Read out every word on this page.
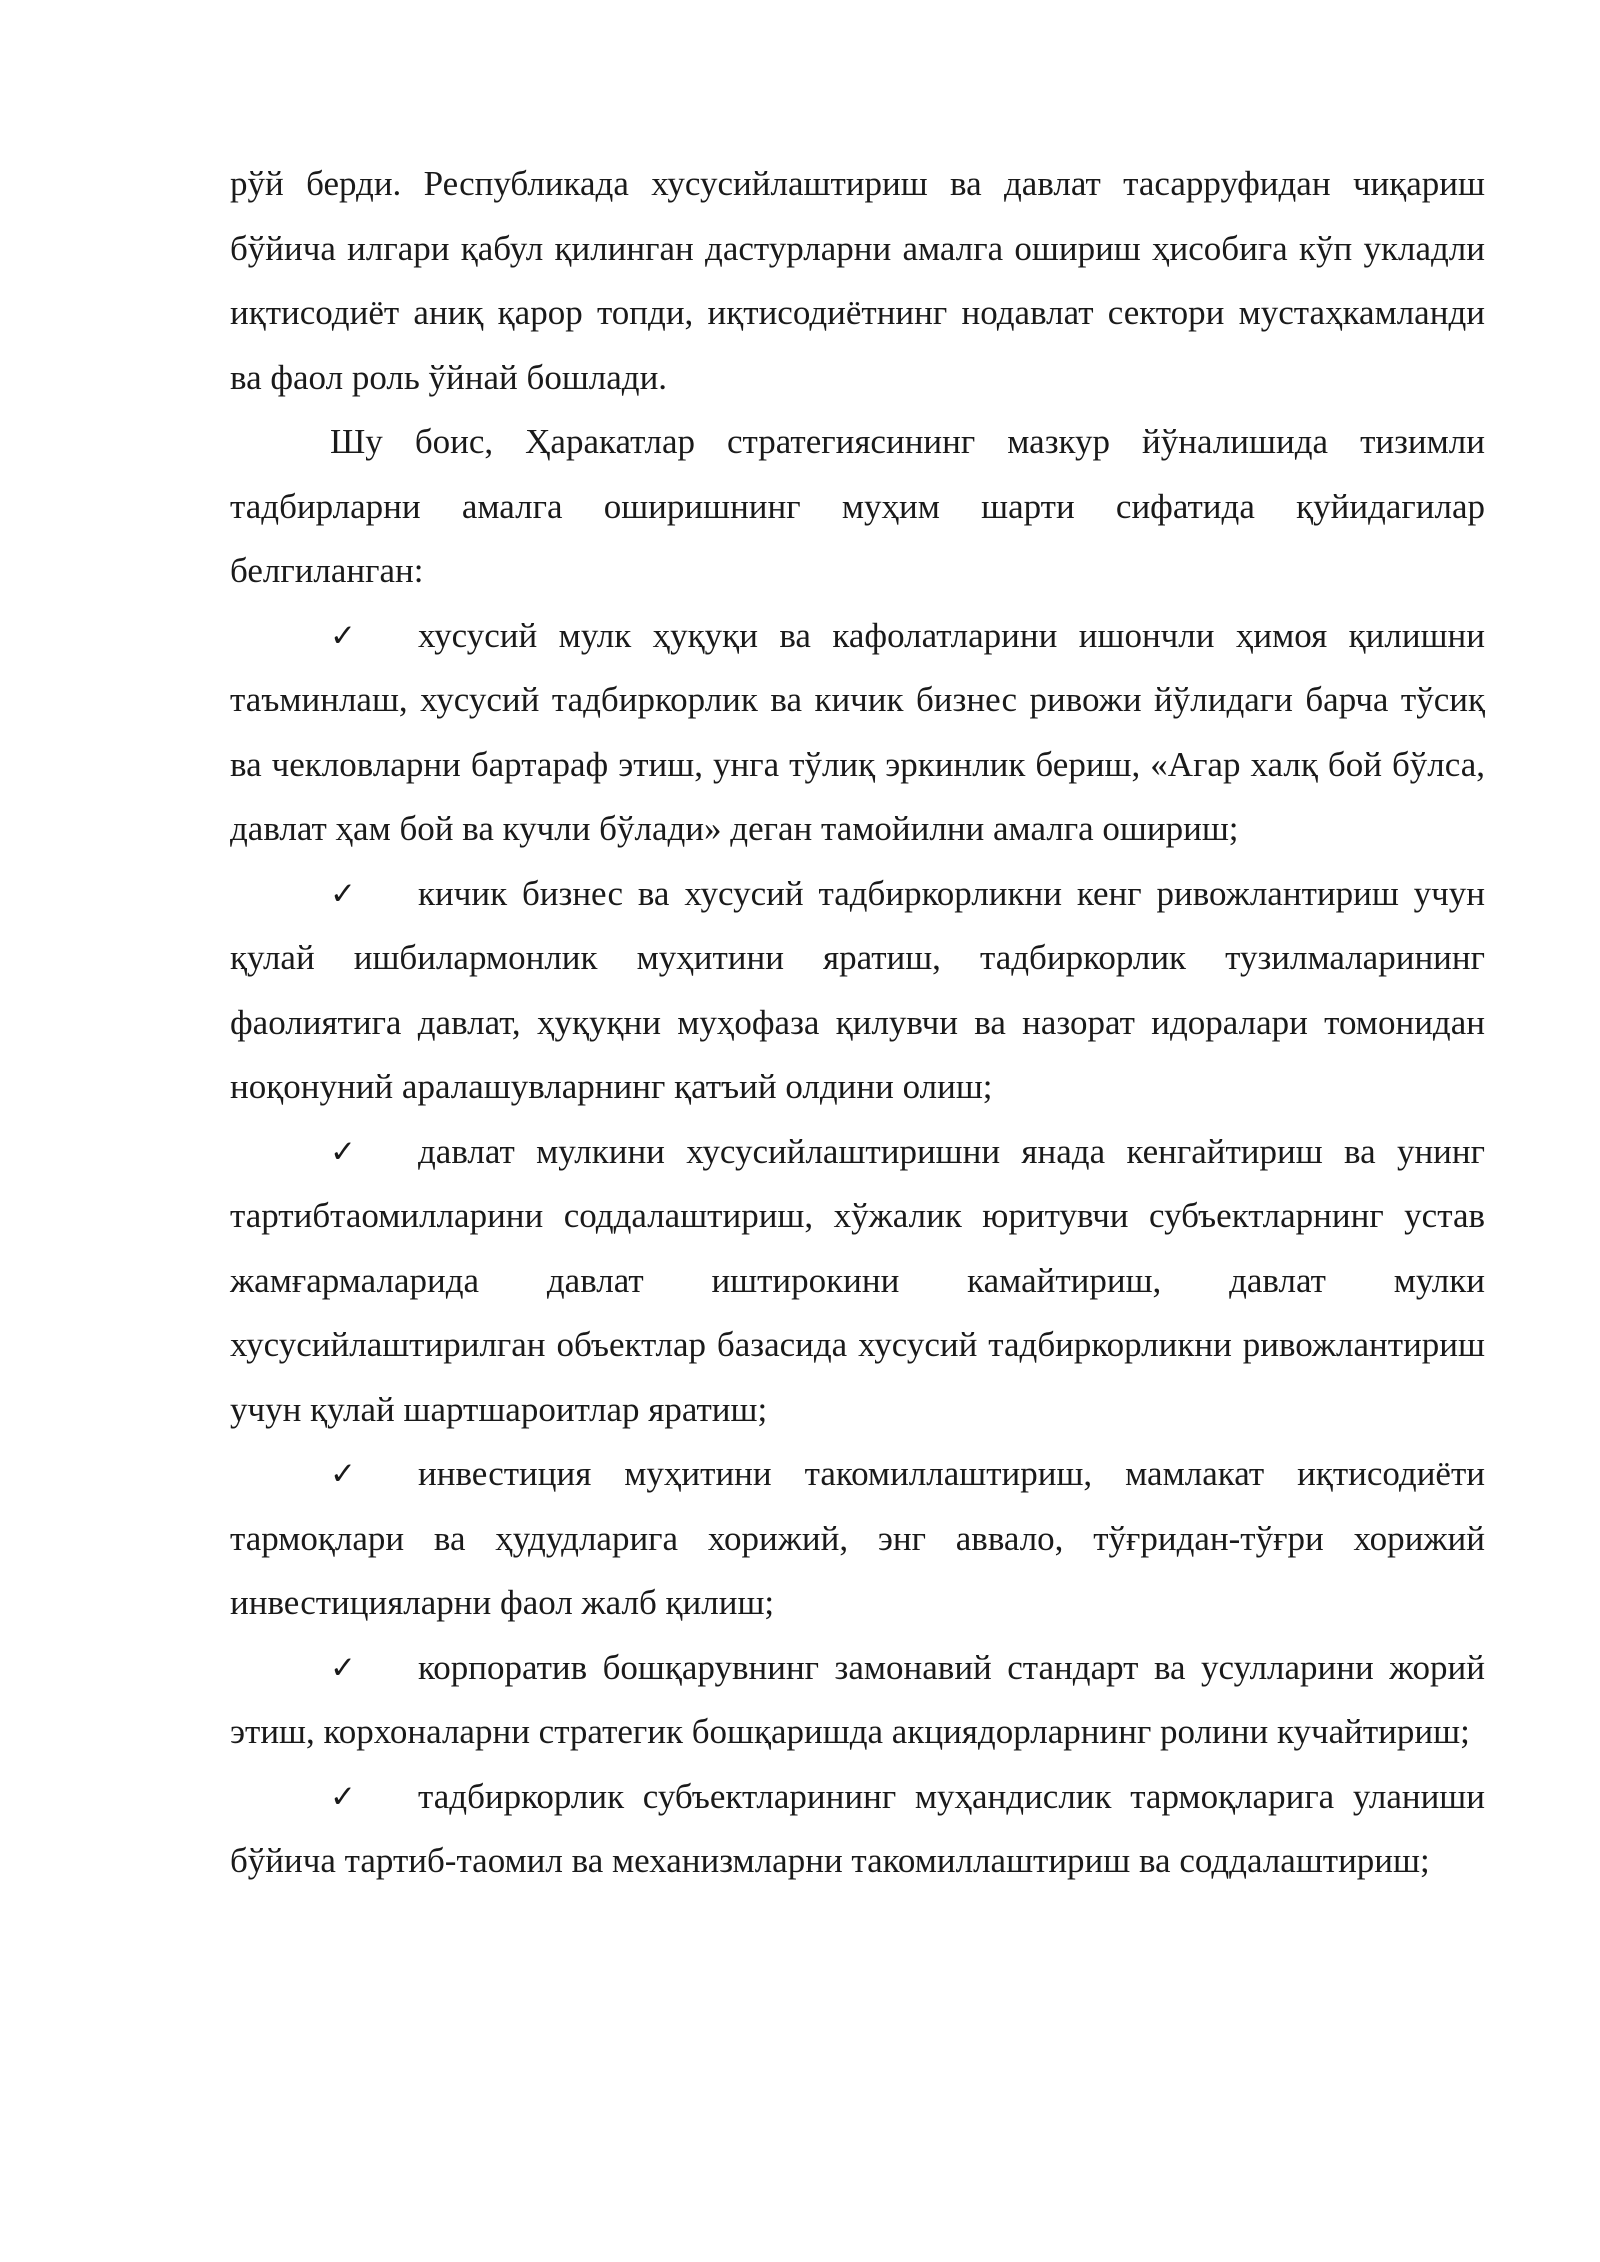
рўй берди. Республикада хусусийлаштириш ва давлат тасарруфидан чиқариш бўйича илгари қабул қилинган дастурларни амалга ошириш ҳисобига кўп укладли иқтисодиёт аниқ қарор топди, иқтисодиётнинг нодавлат сектори мустаҳкамланди ва фаол роль ўйнай бошлади.

Шу боис, Ҳаракатлар стратегиясининг мазкур йўналишида тизимли тадбирларни амалга оширишнинг муҳим шарти сифатида қуйидагилар белгиланган:

✓ хусусий мулк ҳуқуқи ва кафолатларини ишончли ҳимоя қилишни таъминлаш, хусусий тадбиркорлик ва кичик бизнес ривожи йўлидаги барча тўсиқ ва чекловларни бартараф этиш, унга тўлиқ эркинлик бериш, «Агар халқ бой бўлса, давлат ҳам бой ва кучли бўлади» деган тамойилни амалга ошириш;
✓ кичик бизнес ва хусусий тадбиркорликни кенг ривожлантириш учун қулай ишбилармонлик муҳитини яратиш, тадбиркорлик тузилмаларининг фаолиятига давлат, ҳуқуқни муҳофаза қилувчи ва назорат идоралари томонидан ноқонуний аралашувларнинг қатъий олдини олиш;
✓ давлат мулкини хусусийлаштиришни янада кенгайтириш ва унинг тартибтаомилларини соддалаштириш, хўжалик юритувчи субъектларнинг устав жамғармаларида давлат иштирокини камайтириш, давлат мулки хусусийлаштирилган объектлар базасида хусусий тадбиркорликни ривожлантириш учун қулай шартшароитлар яратиш;
✓ инвестиция муҳитини такомиллаштириш, мамлакат иқтисодиёти тармоқлари ва ҳудудларига хорижий, энг аввало, тўғридан-тўғри хорижий инвестицияларни фаол жалб қилиш;
✓ корпоратив бошқарувнинг замонавий стандарт ва усулларини жорий этиш, корхоналарни стратегик бошқаришда акциядорларнинг ролини кучайтириш;
✓ тадбиркорлик субъектларининг муҳандислик тармоқларига уланиши бўйича тартиб-таомил ва механизмларни такомиллаштириш ва соддалаштириш;
